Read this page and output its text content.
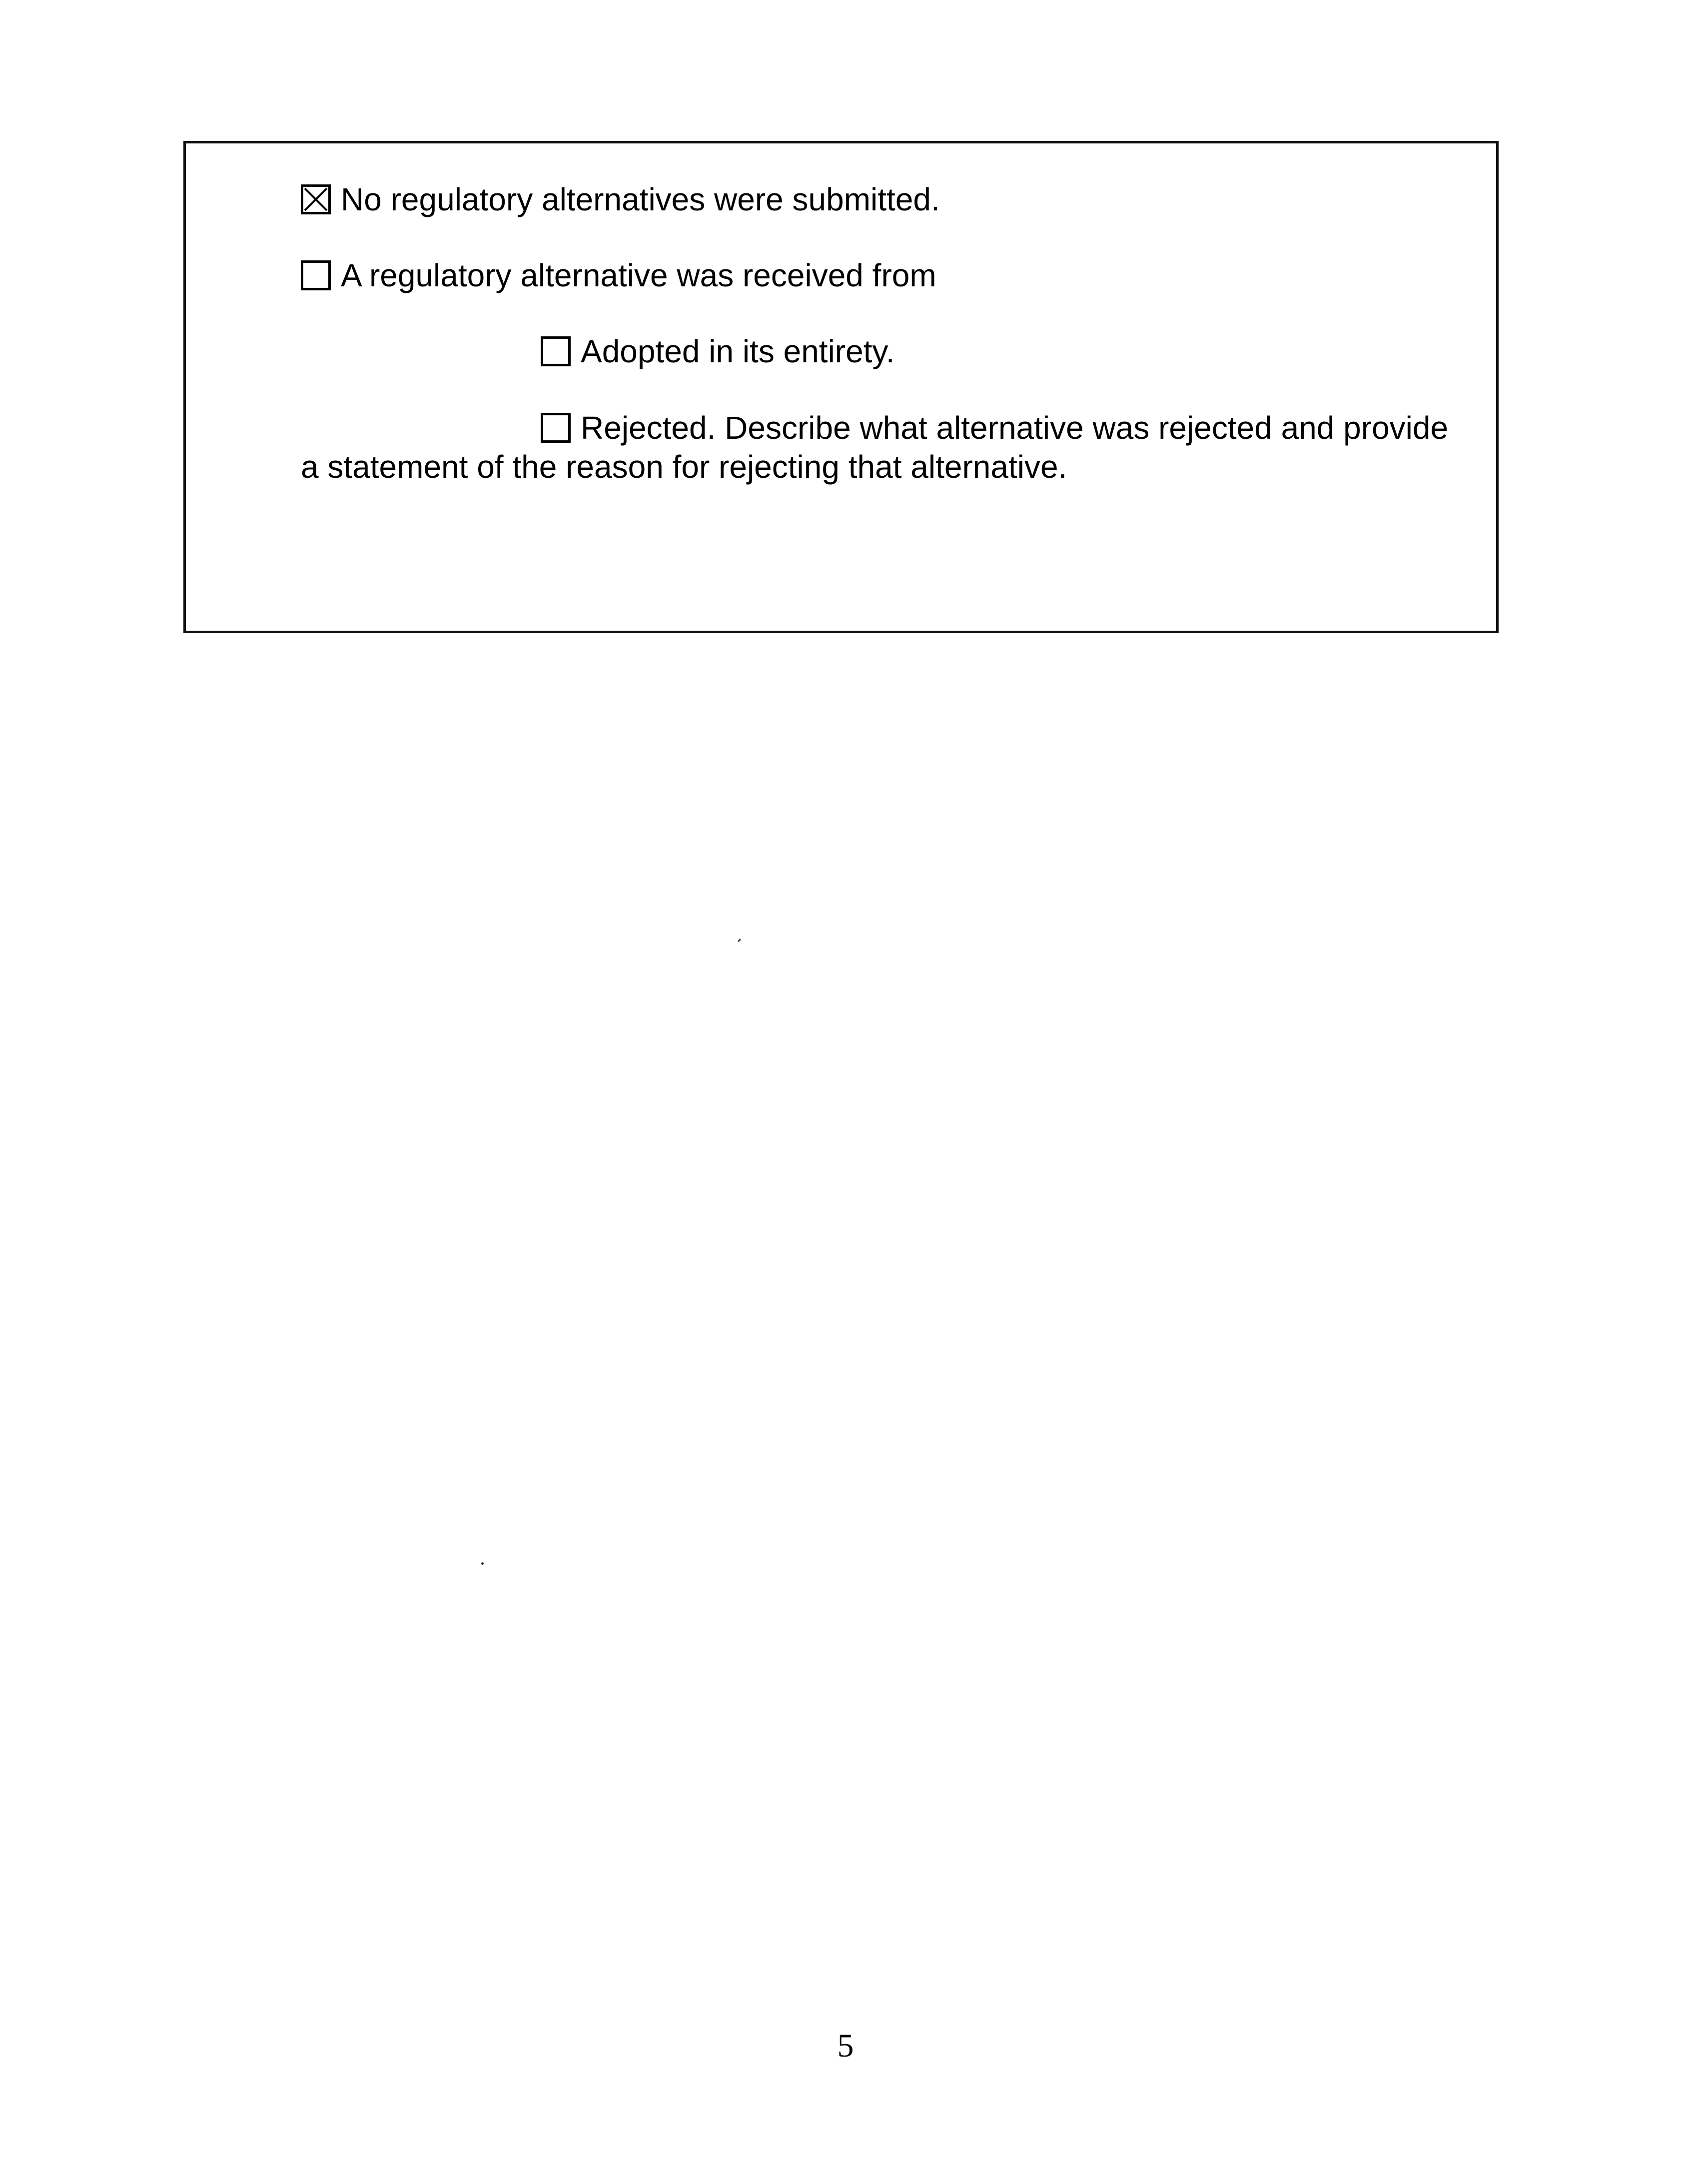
No regulatory alternatives were submitted.
A regulatory alternative was received from
Adopted in its entirety.
Rejected. Describe what alternative was rejected and provide
a statement of the reason for rejecting that alternative.
5
